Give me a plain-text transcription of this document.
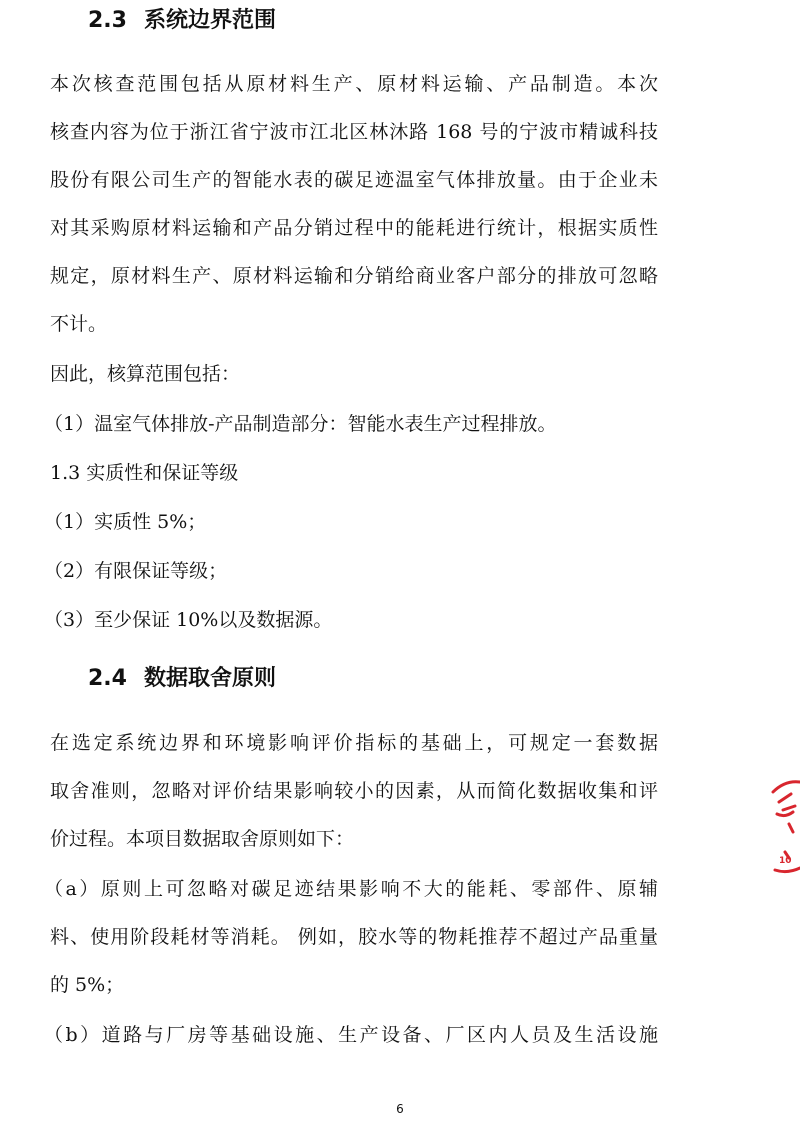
2.3 系统边界范围

本次核查范围包括从原材料生产、原材料运输、产品制造。本次

核查内容为位于浙江省宁波市江北区林沐路 168 号的宁波市精诚科技

股份有限公司生产的智能水表的碳足迹温室气体排放量。由于企业未

对其采购原材料运输和产品分销过程中的能耗进行统计，根据实质性

规定，原材料生产、原材料运输和分销给商业客户部分的排放可忽略

不计。

因此，核算范围包括：

（1）温室气体排放-产品制造部分：智能水表生产过程排放。

1.3 实质性和保证等级

（1）实质性 5%；

（2）有限保证等级；

（3）至少保证 10%以及数据源。

2.4 数据取舍原则

在选定系统边界和环境影响评价指标的基础上，可规定一套数据

取舍准则，忽略对评价结果影响较小的因素，从而简化数据收集和评

价过程。本项目数据取舍原则如下：

（a）原则上可忽略对碳足迹结果影响不大的能耗、零部件、原辅

料、使用阶段耗材等消耗。 例如，胶水等的物耗推荐不超过产品重量

的 5%；

（b）道路与厂房等基础设施、生产设备、厂区内人员及生活设施

10

6
